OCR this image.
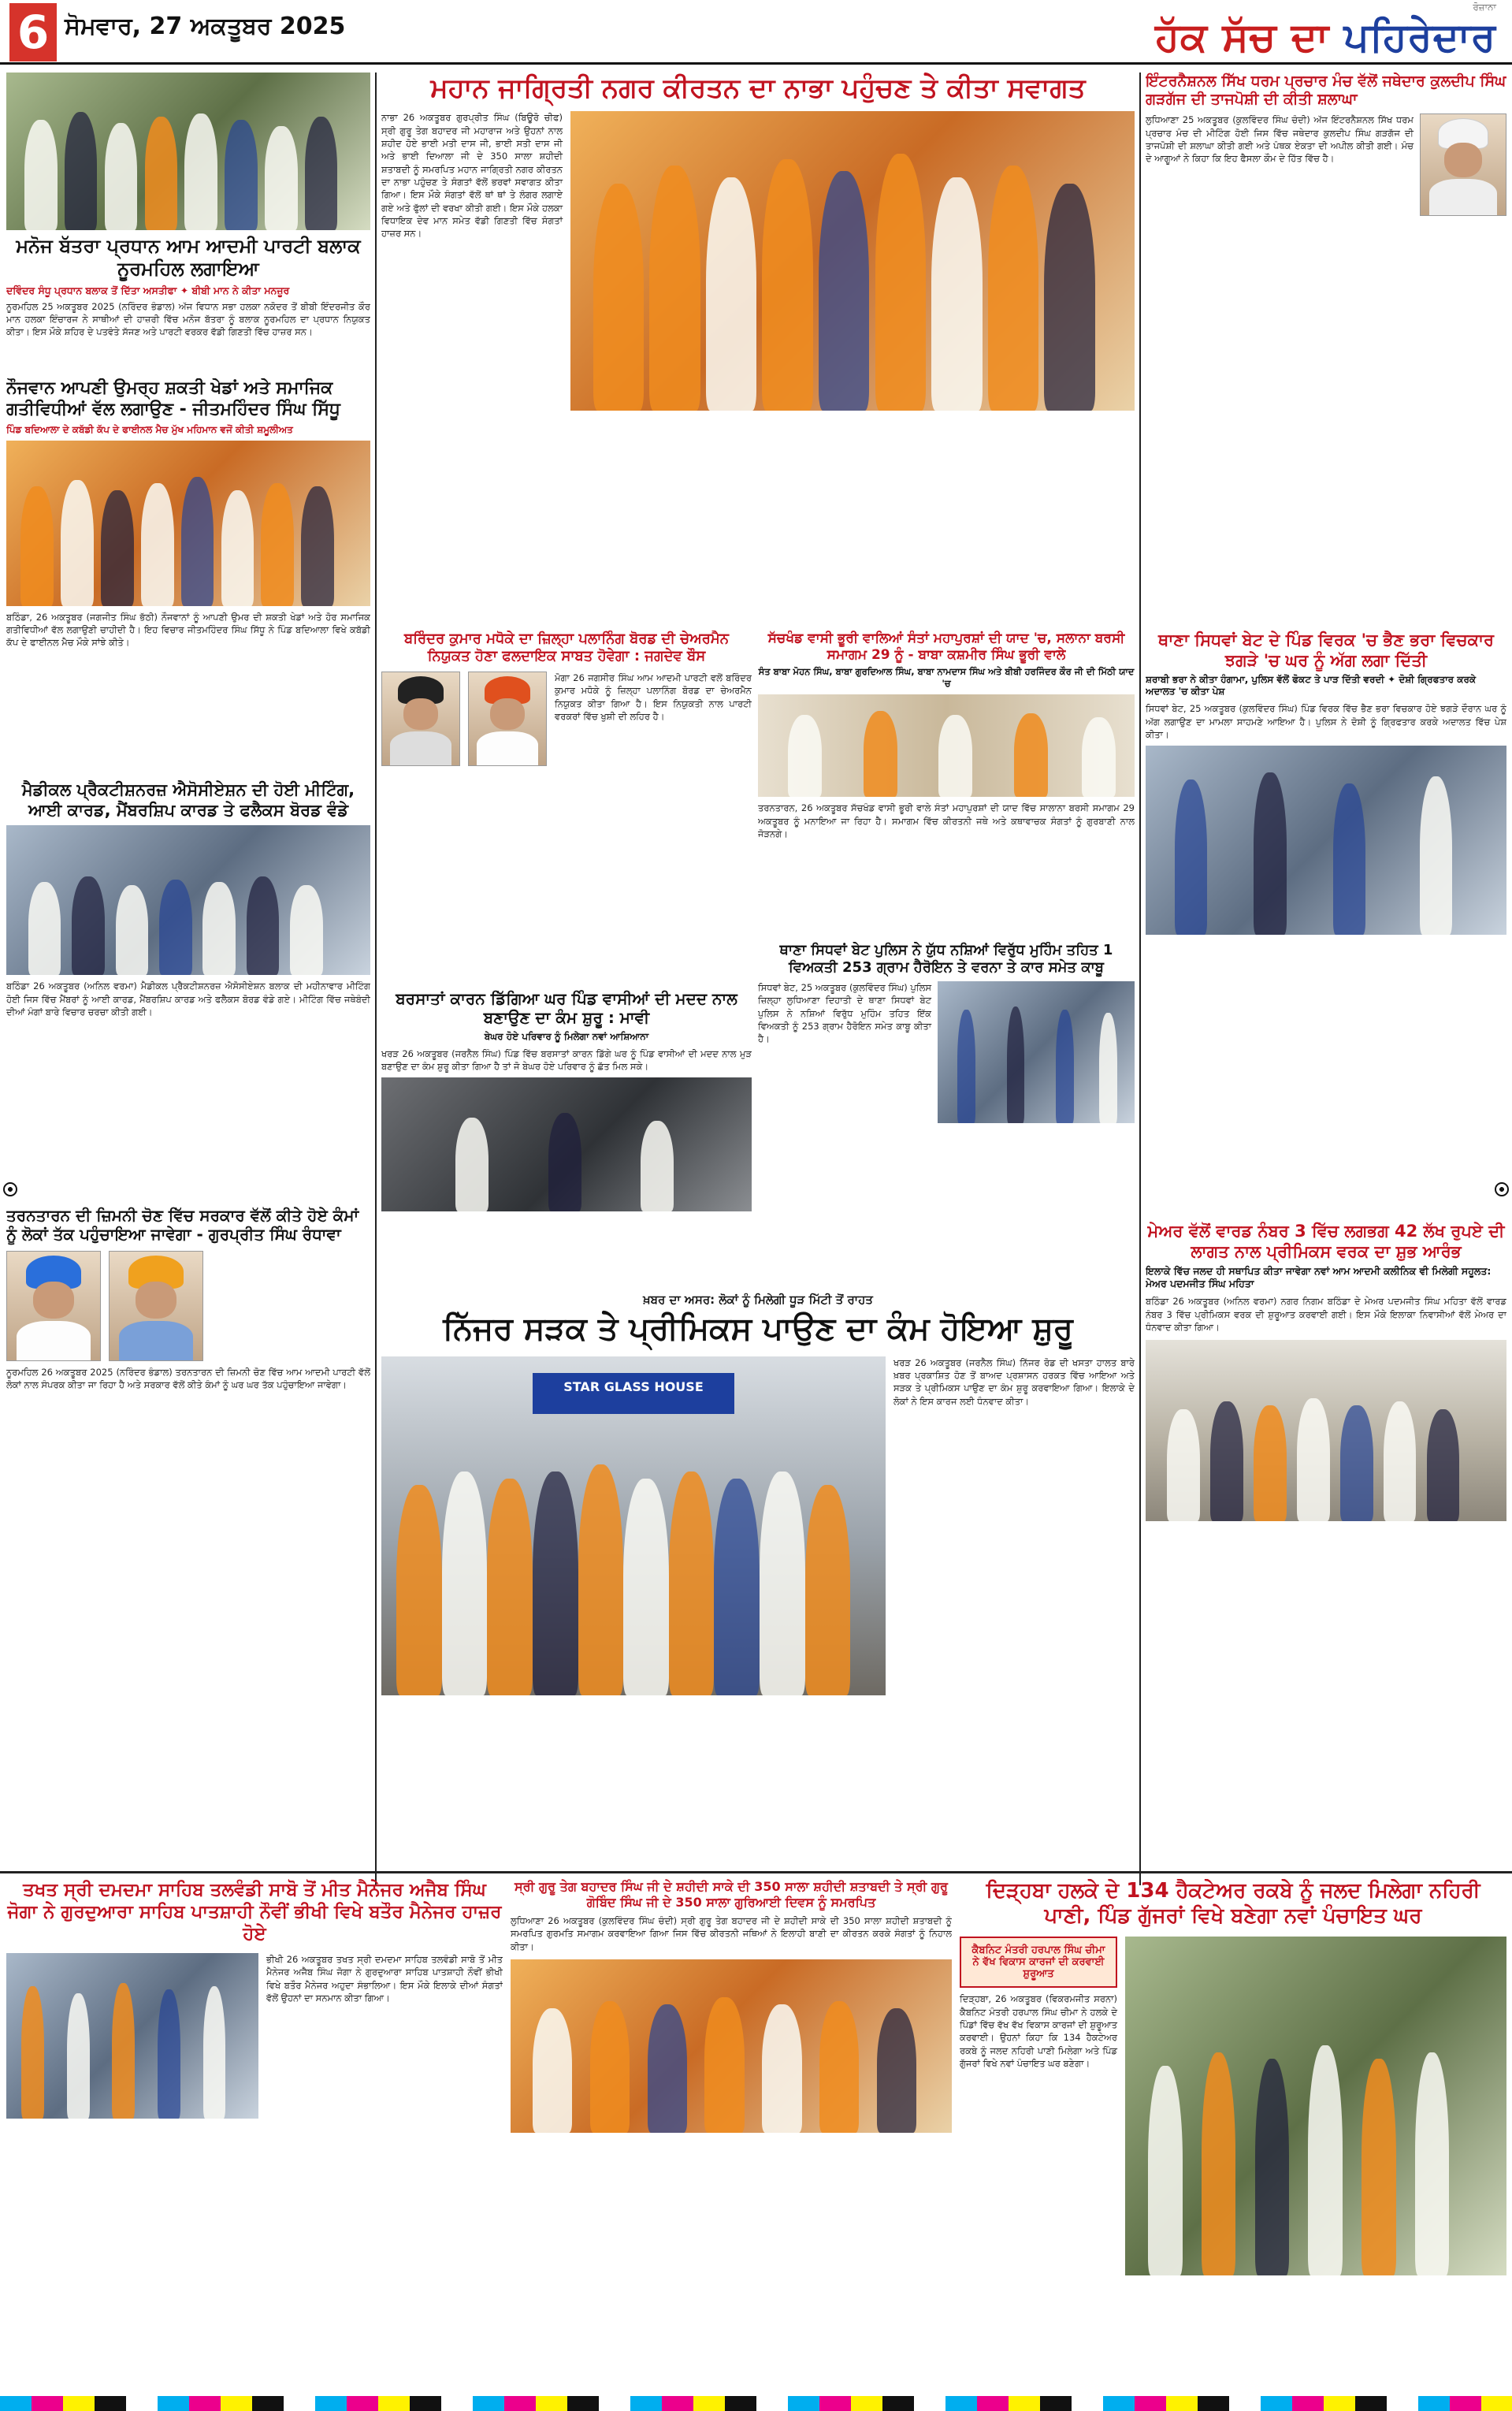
6 ਸੋਮਵਾਰ, 27 ਅਕਤੂਬਰ 2025
ਰੋਜ਼ਾਨਾ
ਹੱਕ ਸੱਚ ਦਾ ਪਹਿਰੇਦਾਰ
ਮਨੋਜ ਬੱਤਰਾ ਪ੍ਰਧਾਨ ਆਮ ਆਦਮੀ ਪਾਰਟੀ ਬਲਾਕ ਨੂਰਮਹਿਲ ਲਗਾਇਆ
ਦਵਿੰਦਰ ਸੰਧੂ ਪ੍ਰਧਾਨ ਬਲਾਕ ਤੋਂ ਦਿੱਤਾ ਅਸਤੀਫਾ ✦ ਬੀਬੀ ਮਾਨ ਨੇ ਕੀਤਾ ਮਨਜ਼ੂਰ
ਨੂਰਮਹਿਲ 25 ਅਕਤੂਬਰ 2025 (ਨਰਿੰਦਰ ਭੰਡਾਲ) ਅੱਜ ਵਿਧਾਨ ਸਭਾ ਹਲਕਾ ਨਕੋਦਰ ਤੋਂ ਬੀਬੀ ਇੰਦਰਜੀਤ ਕੌਰ ਮਾਨ ਹਲਕਾ ਇੰਚਾਰਜ ਨੇ ਸਾਥੀਆਂ ਦੀ ਹਾਜ਼ਰੀ ਵਿੱਚ ਮਨੋਜ ਬੱਤਰਾ ਨੂੰ ਬਲਾਕ ਨੂਰਮਹਿਲ ਦਾ ਪ੍ਰਧਾਨ ਨਿਯੁਕਤ ਕੀਤਾ। ਇਸ ਮੌਕੇ ਸ਼ਹਿਰ ਦੇ ਪਤਵੰਤੇ ਸੱਜਣ ਅਤੇ ਪਾਰਟੀ ਵਰਕਰ ਵੱਡੀ ਗਿਣਤੀ ਵਿੱਚ ਹਾਜ਼ਰ ਸਨ।
ਨੌਜਵਾਨ ਆਪਣੀ ਉਮਰ੍ਹ ਸ਼ਕਤੀ ਖੇਡਾਂ ਅਤੇ ਸਮਾਜਿਕ ਗਤੀਵਿਧੀਆਂ ਵੱਲ ਲਗਾਉਣ - ਜੀਤਮਹਿੰਦਰ ਸਿੰਘ ਸਿੱਧੂ
ਪਿੰਡ ਬਦਿਆਲਾ ਦੇ ਕਬੱਡੀ ਕੱਪ ਦੇ ਫਾਈਨਲ ਮੈਚ ਮੁੱਖ ਮਹਿਮਾਨ ਵਜੋਂ ਕੀਤੀ ਸ਼ਮੂਲੀਅਤ
ਬਠਿੰਡਾ, 26 ਅਕਤੂਬਰ (ਜਗਜੀਤ ਸਿੰਘ ਭੱਠੀ) ਨੌਜਵਾਨਾਂ ਨੂੰ ਆਪਣੀ ਉਮਰ ਦੀ ਸ਼ਕਤੀ ਖੇਡਾਂ ਅਤੇ ਹੋਰ ਸਮਾਜਿਕ ਗਤੀਵਿਧੀਆਂ ਵੱਲ ਲਗਾਉਣੀ ਚਾਹੀਦੀ ਹੈ। ਇਹ ਵਿਚਾਰ ਜੀਤਮਹਿੰਦਰ ਸਿੰਘ ਸਿੱਧੂ ਨੇ ਪਿੰਡ ਬਦਿਆਲਾ ਵਿਖੇ ਕਬੱਡੀ ਕੱਪ ਦੇ ਫਾਈਨਲ ਮੈਚ ਮੌਕੇ ਸਾਂਝੇ ਕੀਤੇ।
ਮੈਡੀਕਲ ਪ੍ਰੈਕਟੀਸ਼ਨਰਜ਼ ਐਸੋਸੀਏਸ਼ਨ ਦੀ ਹੋਈ ਮੀਟਿੰਗ, ਆਈ ਕਾਰਡ, ਮੈਂਬਰਸ਼ਿਪ ਕਾਰਡ ਤੇ ਫਲੈਕਸ ਬੋਰਡ ਵੰਡੇ
ਬਠਿੰਡਾ 26 ਅਕਤੂਬਰ (ਅਨਿਲ ਵਰਮਾ) ਮੈਡੀਕਲ ਪ੍ਰੈਕਟੀਸ਼ਨਰਜ਼ ਐਸੋਸੀਏਸ਼ਨ ਬਲਾਕ ਦੀ ਮਹੀਨਾਵਾਰ ਮੀਟਿੰਗ ਹੋਈ ਜਿਸ ਵਿੱਚ ਮੈਂਬਰਾਂ ਨੂੰ ਆਈ ਕਾਰਡ, ਮੈਂਬਰਸ਼ਿਪ ਕਾਰਡ ਅਤੇ ਫਲੈਕਸ ਬੋਰਡ ਵੰਡੇ ਗਏ। ਮੀਟਿੰਗ ਵਿੱਚ ਜਥੇਬੰਦੀ ਦੀਆਂ ਮੰਗਾਂ ਬਾਰੇ ਵਿਚਾਰ ਚਰਚਾ ਕੀਤੀ ਗਈ।
ਤਰਨਤਾਰਨ ਦੀ ਜ਼ਿਮਨੀ ਚੋਣ ਵਿੱਚ ਸਰਕਾਰ ਵੱਲੋਂ ਕੀਤੇ ਹੋਏ ਕੰਮਾਂ ਨੂੰ ਲੋਕਾਂ ਤੱਕ ਪਹੁੰਚਾਇਆ ਜਾਵੇਗਾ - ਗੁਰਪ੍ਰੀਤ ਸਿੰਘ ਰੰਧਾਵਾ
ਨੂਰਮਹਿਲ 26 ਅਕਤੂਬਰ 2025 (ਨਰਿੰਦਰ ਭੰਡਾਲ) ਤਰਨਤਾਰਨ ਦੀ ਜ਼ਿਮਨੀ ਚੋਣ ਵਿੱਚ ਆਮ ਆਦਮੀ ਪਾਰਟੀ ਵੱਲੋਂ ਲੋਕਾਂ ਨਾਲ ਸੰਪਰਕ ਕੀਤਾ ਜਾ ਰਿਹਾ ਹੈ ਅਤੇ ਸਰਕਾਰ ਵੱਲੋਂ ਕੀਤੇ ਕੰਮਾਂ ਨੂੰ ਘਰ ਘਰ ਤੱਕ ਪਹੁੰਚਾਇਆ ਜਾਵੇਗਾ।
ਮਹਾਨ ਜਾਗ੍ਰਿਤੀ ਨਗਰ ਕੀਰਤਨ ਦਾ ਨਾਭਾ ਪਹੁੰਚਣ ਤੇ ਕੀਤਾ ਸਵਾਗਤ
ਨਾਭਾ 26 ਅਕਤੂਬਰ ਗੁਰਪ੍ਰੀਤ ਸਿੰਘ (ਬਿਊਰੋ ਚੀਫ) ਸ੍ਰੀ ਗੁਰੂ ਤੇਗ ਬਹਾਦਰ ਜੀ ਮਹਾਰਾਜ ਅਤੇ ਉਹਨਾਂ ਨਾਲ ਸ਼ਹੀਦ ਹੋਏ ਭਾਈ ਮਤੀ ਦਾਸ ਜੀ, ਭਾਈ ਸਤੀ ਦਾਸ ਜੀ ਅਤੇ ਭਾਈ ਦਿਆਲਾ ਜੀ ਦੇ 350 ਸਾਲਾ ਸ਼ਹੀਦੀ ਸ਼ਤਾਬਦੀ ਨੂੰ ਸਮਰਪਿਤ ਮਹਾਨ ਜਾਗ੍ਰਿਤੀ ਨਗਰ ਕੀਰਤਨ ਦਾ ਨਾਭਾ ਪਹੁੰਚਣ ਤੇ ਸੰਗਤਾਂ ਵੱਲੋਂ ਭਰਵਾਂ ਸਵਾਗਤ ਕੀਤਾ ਗਿਆ। ਇਸ ਮੌਕੇ ਸੰਗਤਾਂ ਵੱਲੋਂ ਥਾਂ ਥਾਂ ਤੇ ਲੰਗਰ ਲਗਾਏ ਗਏ ਅਤੇ ਫੁੱਲਾਂ ਦੀ ਵਰਖਾ ਕੀਤੀ ਗਈ। ਇਸ ਮੌਕੇ ਹਲਕਾ ਵਿਧਾਇਕ ਦੇਵ ਮਾਨ ਸਮੇਤ ਵੱਡੀ ਗਿਣਤੀ ਵਿੱਚ ਸੰਗਤਾਂ ਹਾਜ਼ਰ ਸਨ।
ਬਰਿੰਦਰ ਕੁਮਾਰ ਮਧੋਕੇ ਦਾ ਜ਼ਿਲ੍ਹਾ ਪਲਾਨਿੰਗ ਬੋਰਡ ਦੀ ਚੇਅਰਮੈਨ ਨਿਯੁਕਤ ਹੋਣਾ ਫਲਦਾਇਕ ਸਾਬਤ ਹੋਵੇਗਾ : ਜਗਦੇਵ ਬੌਸ
ਮੋਗਾ 26 ਜਗਸੀਰ ਸਿੰਘ ਆਮ ਆਦਮੀ ਪਾਰਟੀ ਵਲੋਂ ਬਰਿੰਦਰ ਕੁਮਾਰ ਮਧੋਕੇ ਨੂੰ ਜ਼ਿਲ੍ਹਾ ਪਲਾਨਿੰਗ ਬੋਰਡ ਦਾ ਚੇਅਰਮੈਨ ਨਿਯੁਕਤ ਕੀਤਾ ਗਿਆ ਹੈ। ਇਸ ਨਿਯੁਕਤੀ ਨਾਲ ਪਾਰਟੀ ਵਰਕਰਾਂ ਵਿੱਚ ਖੁਸ਼ੀ ਦੀ ਲਹਿਰ ਹੈ।
ਬਰਸਾਤਾਂ ਕਾਰਨ ਡਿੱਗਿਆ ਘਰ ਪਿੰਡ ਵਾਸੀਆਂ ਦੀ ਮਦਦ ਨਾਲ ਬਣਾਉਣ ਦਾ ਕੰਮ ਸ਼ੁਰੂ : ਮਾਵੀ
ਬੇਘਰ ਹੋਏ ਪਰਿਵਾਰ ਨੂੰ ਮਿਲੇਗਾ ਨਵਾਂ ਆਸ਼ਿਆਨਾ
ਖਰੜ 26 ਅਕਤੂਬਰ (ਜਰਨੈਲ ਸਿੰਘ) ਪਿੰਡ ਵਿੱਚ ਬਰਸਾਤਾਂ ਕਾਰਨ ਡਿੱਗੇ ਘਰ ਨੂੰ ਪਿੰਡ ਵਾਸੀਆਂ ਦੀ ਮਦਦ ਨਾਲ ਮੁੜ ਬਣਾਉਣ ਦਾ ਕੰਮ ਸ਼ੁਰੂ ਕੀਤਾ ਗਿਆ ਹੈ ਤਾਂ ਜੋ ਬੇਘਰ ਹੋਏ ਪਰਿਵਾਰ ਨੂੰ ਛੱਤ ਮਿਲ ਸਕੇ।
ਸੱਚਖੰਡ ਵਾਸੀ ਭੂਰੀ ਵਾਲਿਆਂ ਸੰਤਾਂ ਮਹਾਪੁਰਸ਼ਾਂ ਦੀ ਯਾਦ 'ਚ, ਸਲਾਨਾ ਬਰਸੀ ਸਮਾਗਮ 29 ਨੂੰ - ਬਾਬਾ ਕਸ਼ਮੀਰ ਸਿੰਘ ਭੂਰੀ ਵਾਲੇ
ਸੰਤ ਬਾਬਾ ਮੋਹਨ ਸਿੰਘ, ਬਾਬਾ ਗੁਰਦਿਆਲ ਸਿੰਘ, ਬਾਬਾ ਨਾਮਦਾਸ ਸਿੰਘ ਅਤੇ ਬੀਬੀ ਹਰਜਿੰਦਰ ਕੌਰ ਜੀ ਦੀ ਮਿੱਠੀ ਯਾਦ 'ਚ
ਤਰਨਤਾਰਨ, 26 ਅਕਤੂਬਰ ਸੱਚਖੰਡ ਵਾਸੀ ਭੂਰੀ ਵਾਲੇ ਸੰਤਾਂ ਮਹਾਪੁਰਸ਼ਾਂ ਦੀ ਯਾਦ ਵਿੱਚ ਸਾਲਾਨਾ ਬਰਸੀ ਸਮਾਗਮ 29 ਅਕਤੂਬਰ ਨੂੰ ਮਨਾਇਆ ਜਾ ਰਿਹਾ ਹੈ। ਸਮਾਗਮ ਵਿੱਚ ਕੀਰਤਨੀ ਜਥੇ ਅਤੇ ਕਥਾਵਾਚਕ ਸੰਗਤਾਂ ਨੂੰ ਗੁਰਬਾਣੀ ਨਾਲ ਜੋੜਨਗੇ।
ਥਾਣਾ ਸਿਧਵਾਂ ਬੇਟ ਪੁਲਿਸ ਨੇ ਯੁੱਧ ਨਸ਼ਿਆਂ ਵਿਰੁੱਧ ਮੁਹਿੰਮ ਤਹਿਤ 1 ਵਿਅਕਤੀ 253 ਗ੍ਰਾਮ ਹੈਰੋਇਨ ਤੇ ਵਰਨਾ ਤੇ ਕਾਰ ਸਮੇਤ ਕਾਬੂ
ਸਿਧਵਾਂ ਬੇਟ, 25 ਅਕਤੂਬਰ (ਕੁਲਵਿੰਦਰ ਸਿੰਘ) ਪੁਲਿਸ ਜ਼ਿਲ੍ਹਾ ਲੁਧਿਆਣਾ ਦਿਹਾਤੀ ਦੇ ਥਾਣਾ ਸਿਧਵਾਂ ਬੇਟ ਪੁਲਿਸ ਨੇ ਨਸ਼ਿਆਂ ਵਿਰੁੱਧ ਮੁਹਿੰਮ ਤਹਿਤ ਇੱਕ ਵਿਅਕਤੀ ਨੂੰ 253 ਗ੍ਰਾਮ ਹੈਰੋਇਨ ਸਮੇਤ ਕਾਬੂ ਕੀਤਾ ਹੈ।
ਖ਼ਬਰ ਦਾ ਅਸਰ: ਲੋਕਾਂ ਨੂੰ ਮਿਲੇਗੀ ਧੂੜ ਮਿੱਟੀ ਤੋਂ ਰਾਹਤ
ਨਿੱਜਰ ਸੜਕ ਤੇ ਪ੍ਰੀਮਿਕਸ ਪਾਉਣ ਦਾ ਕੰਮ ਹੋਇਆ ਸ਼ੁਰੂ
STAR GLASS HOUSE
ਖਰੜ 26 ਅਕਤੂਬਰ (ਜਰਨੈਲ ਸਿੰਘ) ਨਿੱਜਰ ਰੋਡ ਦੀ ਖਸਤਾ ਹਾਲਤ ਬਾਰੇ ਖ਼ਬਰ ਪ੍ਰਕਾਸ਼ਿਤ ਹੋਣ ਤੋਂ ਬਾਅਦ ਪ੍ਰਸ਼ਾਸਨ ਹਰਕਤ ਵਿੱਚ ਆਇਆ ਅਤੇ ਸੜਕ ਤੇ ਪ੍ਰੀਮਿਕਸ ਪਾਉਣ ਦਾ ਕੰਮ ਸ਼ੁਰੂ ਕਰਵਾਇਆ ਗਿਆ। ਇਲਾਕੇ ਦੇ ਲੋਕਾਂ ਨੇ ਇਸ ਕਾਰਜ ਲਈ ਧੰਨਵਾਦ ਕੀਤਾ।
ਇੰਟਰਨੈਸ਼ਨਲ ਸਿੱਖ ਧਰਮ ਪ੍ਰਚਾਰ ਮੰਚ ਵੱਲੋਂ ਜਥੇਦਾਰ ਕੁਲਦੀਪ ਸਿੰਘ ਗੜਗੱਜ ਦੀ ਤਾਜਪੋਸ਼ੀ ਦੀ ਕੀਤੀ ਸ਼ਲਾਘਾ
ਲੁਧਿਆਣਾ 25 ਅਕਤੂਬਰ (ਕੁਲਵਿੰਦਰ ਸਿੰਘ ਚੰਦੀ) ਅੱਜ ਇੰਟਰਨੈਸ਼ਨਲ ਸਿੱਖ ਧਰਮ ਪ੍ਰਚਾਰ ਮੰਚ ਦੀ ਮੀਟਿੰਗ ਹੋਈ ਜਿਸ ਵਿੱਚ ਜਥੇਦਾਰ ਕੁਲਦੀਪ ਸਿੰਘ ਗੜਗੱਜ ਦੀ ਤਾਜਪੋਸ਼ੀ ਦੀ ਸ਼ਲਾਘਾ ਕੀਤੀ ਗਈ ਅਤੇ ਪੰਥਕ ਏਕਤਾ ਦੀ ਅਪੀਲ ਕੀਤੀ ਗਈ। ਮੰਚ ਦੇ ਆਗੂਆਂ ਨੇ ਕਿਹਾ ਕਿ ਇਹ ਫੈਸਲਾ ਕੌਮ ਦੇ ਹਿੱਤ ਵਿੱਚ ਹੈ।
ਥਾਣਾ ਸਿਧਵਾਂ ਬੇਟ ਦੇ ਪਿੰਡ ਵਿਰਕ 'ਚ ਭੈਣ ਭਰਾ ਵਿਚਕਾਰ ਝਗੜੇ 'ਚ ਘਰ ਨੂੰ ਅੱਗ ਲਗਾ ਦਿੱਤੀ
ਸ਼ਰਾਬੀ ਭਰਾ ਨੇ ਕੀਤਾ ਹੰਗਾਮਾ, ਪੁਲਿਸ ਵੱਲੋਂ ਫੋਕਟ ਤੇ ਪਾੜ ਦਿੱਤੀ ਵਰਦੀ ✦ ਦੋਸ਼ੀ ਗ੍ਰਿਫਤਾਰ ਕਰਕੇ ਅਦਾਲਤ 'ਚ ਕੀਤਾ ਪੇਸ਼
ਸਿਧਵਾਂ ਬੇਟ, 25 ਅਕਤੂਬਰ (ਕੁਲਵਿੰਦਰ ਸਿੰਘ) ਪਿੰਡ ਵਿਰਕ ਵਿੱਚ ਭੈਣ ਭਰਾ ਵਿਚਕਾਰ ਹੋਏ ਝਗੜੇ ਦੌਰਾਨ ਘਰ ਨੂੰ ਅੱਗ ਲਗਾਉਣ ਦਾ ਮਾਮਲਾ ਸਾਹਮਣੇ ਆਇਆ ਹੈ। ਪੁਲਿਸ ਨੇ ਦੋਸ਼ੀ ਨੂੰ ਗ੍ਰਿਫਤਾਰ ਕਰਕੇ ਅਦਾਲਤ ਵਿੱਚ ਪੇਸ਼ ਕੀਤਾ।
ਮੇਅਰ ਵੱਲੋਂ ਵਾਰਡ ਨੰਬਰ 3 ਵਿੱਚ ਲਗਭਗ 42 ਲੱਖ ਰੁਪਏ ਦੀ ਲਾਗਤ ਨਾਲ ਪ੍ਰੀਮਿਕਸ ਵਰਕ ਦਾ ਸ਼ੁਭ ਆਰੰਭ
ਇਲਾਕੇ ਵਿੱਚ ਜਲਦ ਹੀ ਸਥਾਪਿਤ ਕੀਤਾ ਜਾਵੇਗਾ ਨਵਾਂ ਆਮ ਆਦਮੀ ਕਲੀਨਿਕ ਵੀ ਮਿਲੇਗੀ ਸਹੂਲਤ: ਮੇਅਰ ਪਦਮਜੀਤ ਸਿੰਘ ਮਹਿਤਾ
ਬਠਿੰਡਾ 26 ਅਕਤੂਬਰ (ਅਨਿਲ ਵਰਮਾ) ਨਗਰ ਨਿਗਮ ਬਠਿੰਡਾ ਦੇ ਮੇਅਰ ਪਦਮਜੀਤ ਸਿੰਘ ਮਹਿਤਾ ਵੱਲੋਂ ਵਾਰਡ ਨੰਬਰ 3 ਵਿੱਚ ਪ੍ਰੀਮਿਕਸ ਵਰਕ ਦੀ ਸ਼ੁਰੂਆਤ ਕਰਵਾਈ ਗਈ। ਇਸ ਮੌਕੇ ਇਲਾਕਾ ਨਿਵਾਸੀਆਂ ਵੱਲੋਂ ਮੇਅਰ ਦਾ ਧੰਨਵਾਦ ਕੀਤਾ ਗਿਆ।
ਤਖਤ ਸ੍ਰੀ ਦਮਦਮਾ ਸਾਹਿਬ ਤਲਵੰਡੀ ਸਾਬੋ ਤੋਂ ਮੀਤ ਮੈਨੇਜਰ ਅਜੈਬ ਸਿੰਘ ਜੋਗਾ ਨੇ ਗੁਰਦੁਆਰਾ ਸਾਹਿਬ ਪਾਤਸ਼ਾਹੀ ਨੌਵੀਂ ਭੀਖੀ ਵਿਖੇ ਬਤੌਰ ਮੈਨੇਜਰ ਹਾਜ਼ਰ ਹੋਏ
ਭੀਖੀ 26 ਅਕਤੂਬਰ ਤਖਤ ਸ੍ਰੀ ਦਮਦਮਾ ਸਾਹਿਬ ਤਲਵੰਡੀ ਸਾਬੋ ਤੋਂ ਮੀਤ ਮੈਨੇਜਰ ਅਜੈਬ ਸਿੰਘ ਜੋਗਾ ਨੇ ਗੁਰਦੁਆਰਾ ਸਾਹਿਬ ਪਾਤਸ਼ਾਹੀ ਨੌਵੀਂ ਭੀਖੀ ਵਿਖੇ ਬਤੌਰ ਮੈਨੇਜਰ ਅਹੁਦਾ ਸੰਭਾਲਿਆ। ਇਸ ਮੌਕੇ ਇਲਾਕੇ ਦੀਆਂ ਸੰਗਤਾਂ ਵੱਲੋਂ ਉਹਨਾਂ ਦਾ ਸਨਮਾਨ ਕੀਤਾ ਗਿਆ।
ਸ੍ਰੀ ਗੁਰੂ ਤੇਗ ਬਹਾਦਰ ਸਿੰਘ ਜੀ ਦੇ ਸ਼ਹੀਦੀ ਸਾਕੇ ਦੀ 350 ਸਾਲਾ ਸ਼ਹੀਦੀ ਸ਼ਤਾਬਦੀ ਤੇ ਸ੍ਰੀ ਗੁਰੂ ਗੋਬਿੰਦ ਸਿੰਘ ਜੀ ਦੇ 350 ਸਾਲਾ ਗੁਰਿਆਈ ਦਿਵਸ ਨੂੰ ਸਮਰਪਿਤ
ਲੁਧਿਆਣਾ 26 ਅਕਤੂਬਰ (ਕੁਲਵਿੰਦਰ ਸਿੰਘ ਚੰਦੀ) ਸ੍ਰੀ ਗੁਰੂ ਤੇਗ ਬਹਾਦਰ ਜੀ ਦੇ ਸ਼ਹੀਦੀ ਸਾਕੇ ਦੀ 350 ਸਾਲਾ ਸ਼ਹੀਦੀ ਸ਼ਤਾਬਦੀ ਨੂੰ ਸਮਰਪਿਤ ਗੁਰਮਤਿ ਸਮਾਗਮ ਕਰਵਾਇਆ ਗਿਆ ਜਿਸ ਵਿੱਚ ਕੀਰਤਨੀ ਜਥਿਆਂ ਨੇ ਇਲਾਹੀ ਬਾਣੀ ਦਾ ਕੀਰਤਨ ਕਰਕੇ ਸੰਗਤਾਂ ਨੂੰ ਨਿਹਾਲ ਕੀਤਾ।
ਦਿੜ੍ਹਬਾ ਹਲਕੇ ਦੇ 134 ਹੈਕਟੇਅਰ ਰਕਬੇ ਨੂੰ ਜਲਦ ਮਿਲੇਗਾ ਨਹਿਰੀ ਪਾਣੀ, ਪਿੰਡ ਗੁੱਜਰਾਂ ਵਿਖੇ ਬਣੇਗਾ ਨਵਾਂ ਪੰਚਾਇਤ ਘਰ
ਕੈਬਨਿਟ ਮੰਤਰੀ ਹਰਪਾਲ ਸਿੰਘ ਚੀਮਾ ਨੇ ਵੱਖ ਵਿਕਾਸ ਕਾਰਜਾਂ ਦੀ ਕਰਵਾਈ ਸ਼ੁਰੂਆਤ
ਦਿੜ੍ਹਬਾ, 26 ਅਕਤੂਬਰ (ਵਿਕਰਮਜੀਤ ਸਰਨਾ) ਕੈਬਨਿਟ ਮੰਤਰੀ ਹਰਪਾਲ ਸਿੰਘ ਚੀਮਾ ਨੇ ਹਲਕੇ ਦੇ ਪਿੰਡਾਂ ਵਿੱਚ ਵੱਖ ਵੱਖ ਵਿਕਾਸ ਕਾਰਜਾਂ ਦੀ ਸ਼ੁਰੂਆਤ ਕਰਵਾਈ। ਉਹਨਾਂ ਕਿਹਾ ਕਿ 134 ਹੈਕਟੇਅਰ ਰਕਬੇ ਨੂੰ ਜਲਦ ਨਹਿਰੀ ਪਾਣੀ ਮਿਲੇਗਾ ਅਤੇ ਪਿੰਡ ਗੁੱਜਰਾਂ ਵਿਖੇ ਨਵਾਂ ਪੰਚਾਇਤ ਘਰ ਬਣੇਗਾ।
